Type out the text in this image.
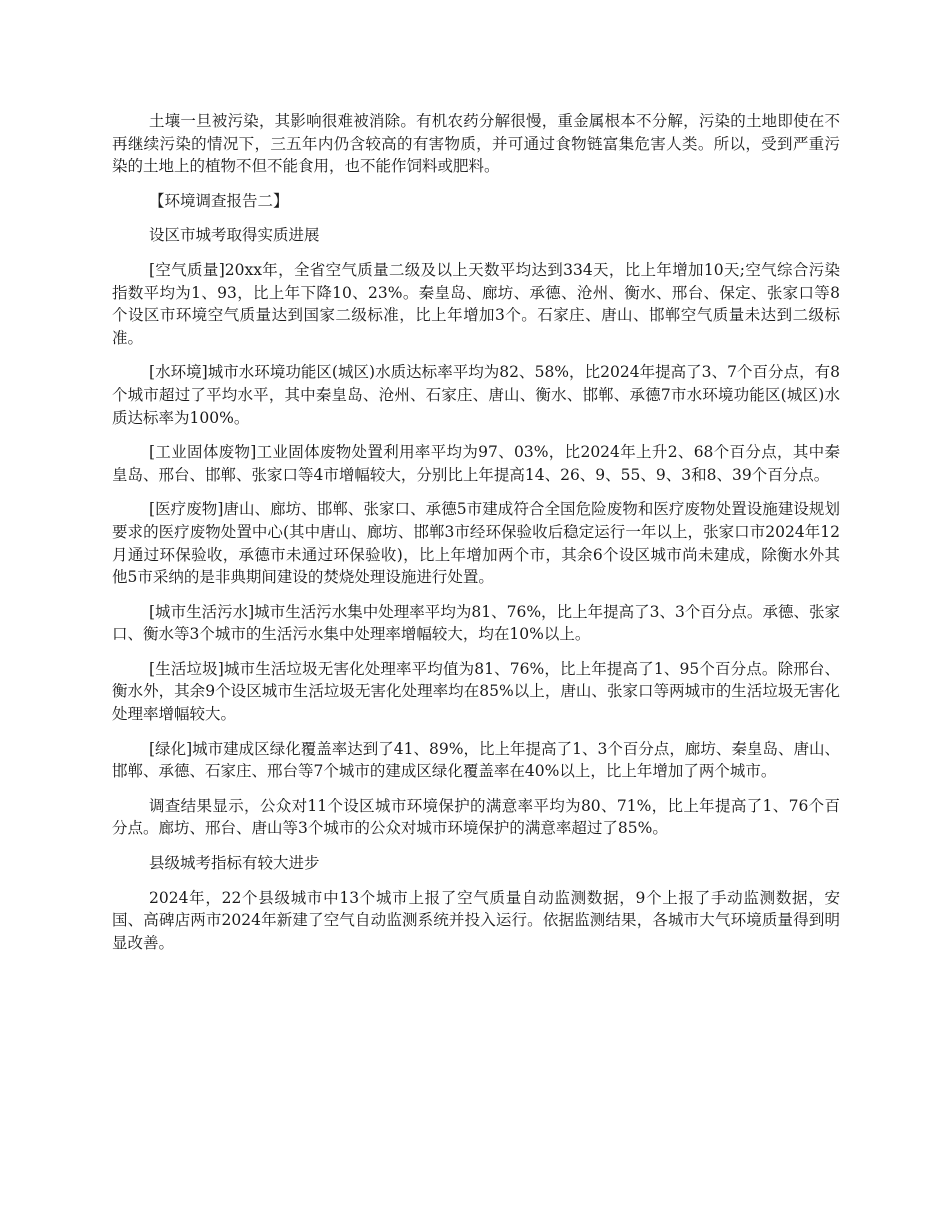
土壤一旦被污染，其影响很难被消除。有机农药分解很慢，重金属根本不分解，污染的土地即使在不再继续污染的情况下，三五年内仍含较高的有害物质，并可通过食物链富集危害人类。所以，受到严重污染的土地上的植物不但不能食用，也不能作饲料或肥料。

【环境调查报告二】

设区市城考取得实质进展

[空气质量]20xx年，全省空气质量二级及以上天数平均达到334天，比上年增加10天;空气综合污染指数平均为1、93，比上年下降10、23%。秦皇岛、廊坊、承德、沧州、衡水、邢台、保定、张家口等8个设区市环境空气质量达到国家二级标准，比上年增加3个。石家庄、唐山、邯郸空气质量未达到二级标准。

[水环境]城市水环境功能区(城区)水质达标率平均为82、58%，比2024年提高了3、7个百分点，有8个城市超过了平均水平，其中秦皇岛、沧州、石家庄、唐山、衡水、邯郸、承德7市水环境功能区(城区)水质达标率为100%。

[工业固体废物]工业固体废物处置利用率平均为97、03%，比2024年上升2、68个百分点，其中秦皇岛、邢台、邯郸、张家口等4市增幅较大，分别比上年提高14、26、9、55、9、3和8、39个百分点。

[医疗废物]唐山、廊坊、邯郸、张家口、承德5市建成符合全国危险废物和医疗废物处置设施建设规划要求的医疗废物处置中心(其中唐山、廊坊、邯郸3市经环保验收后稳定运行一年以上，张家口市2024年12月通过环保验收，承德市未通过环保验收)，比上年增加两个市，其余6个设区城市尚未建成，除衡水外其他5市采纳的是非典期间建设的焚烧处理设施进行处置。

[城市生活污水]城市生活污水集中处理率平均为81、76%，比上年提高了3、3个百分点。承德、张家口、衡水等3个城市的生活污水集中处理率增幅较大，均在10%以上。

[生活垃圾]城市生活垃圾无害化处理率平均值为81、76%，比上年提高了1、95个百分点。除邢台、衡水外，其余9个设区城市生活垃圾无害化处理率均在85%以上，唐山、张家口等两城市的生活垃圾无害化处理率增幅较大。

[绿化]城市建成区绿化覆盖率达到了41、89%，比上年提高了1、3个百分点，廊坊、秦皇岛、唐山、邯郸、承德、石家庄、邢台等7个城市的建成区绿化覆盖率在40%以上，比上年增加了两个城市。

调查结果显示，公众对11个设区城市环境保护的满意率平均为80、71%，比上年提高了1、76个百分点。廊坊、邢台、唐山等3个城市的公众对城市环境保护的满意率超过了85%。

县级城考指标有较大进步

2024年，22个县级城市中13个城市上报了空气质量自动监测数据，9个上报了手动监测数据，安国、高碑店两市2024年新建了空气自动监测系统并投入运行。依据监测结果，各城市大气环境质量得到明显改善。
